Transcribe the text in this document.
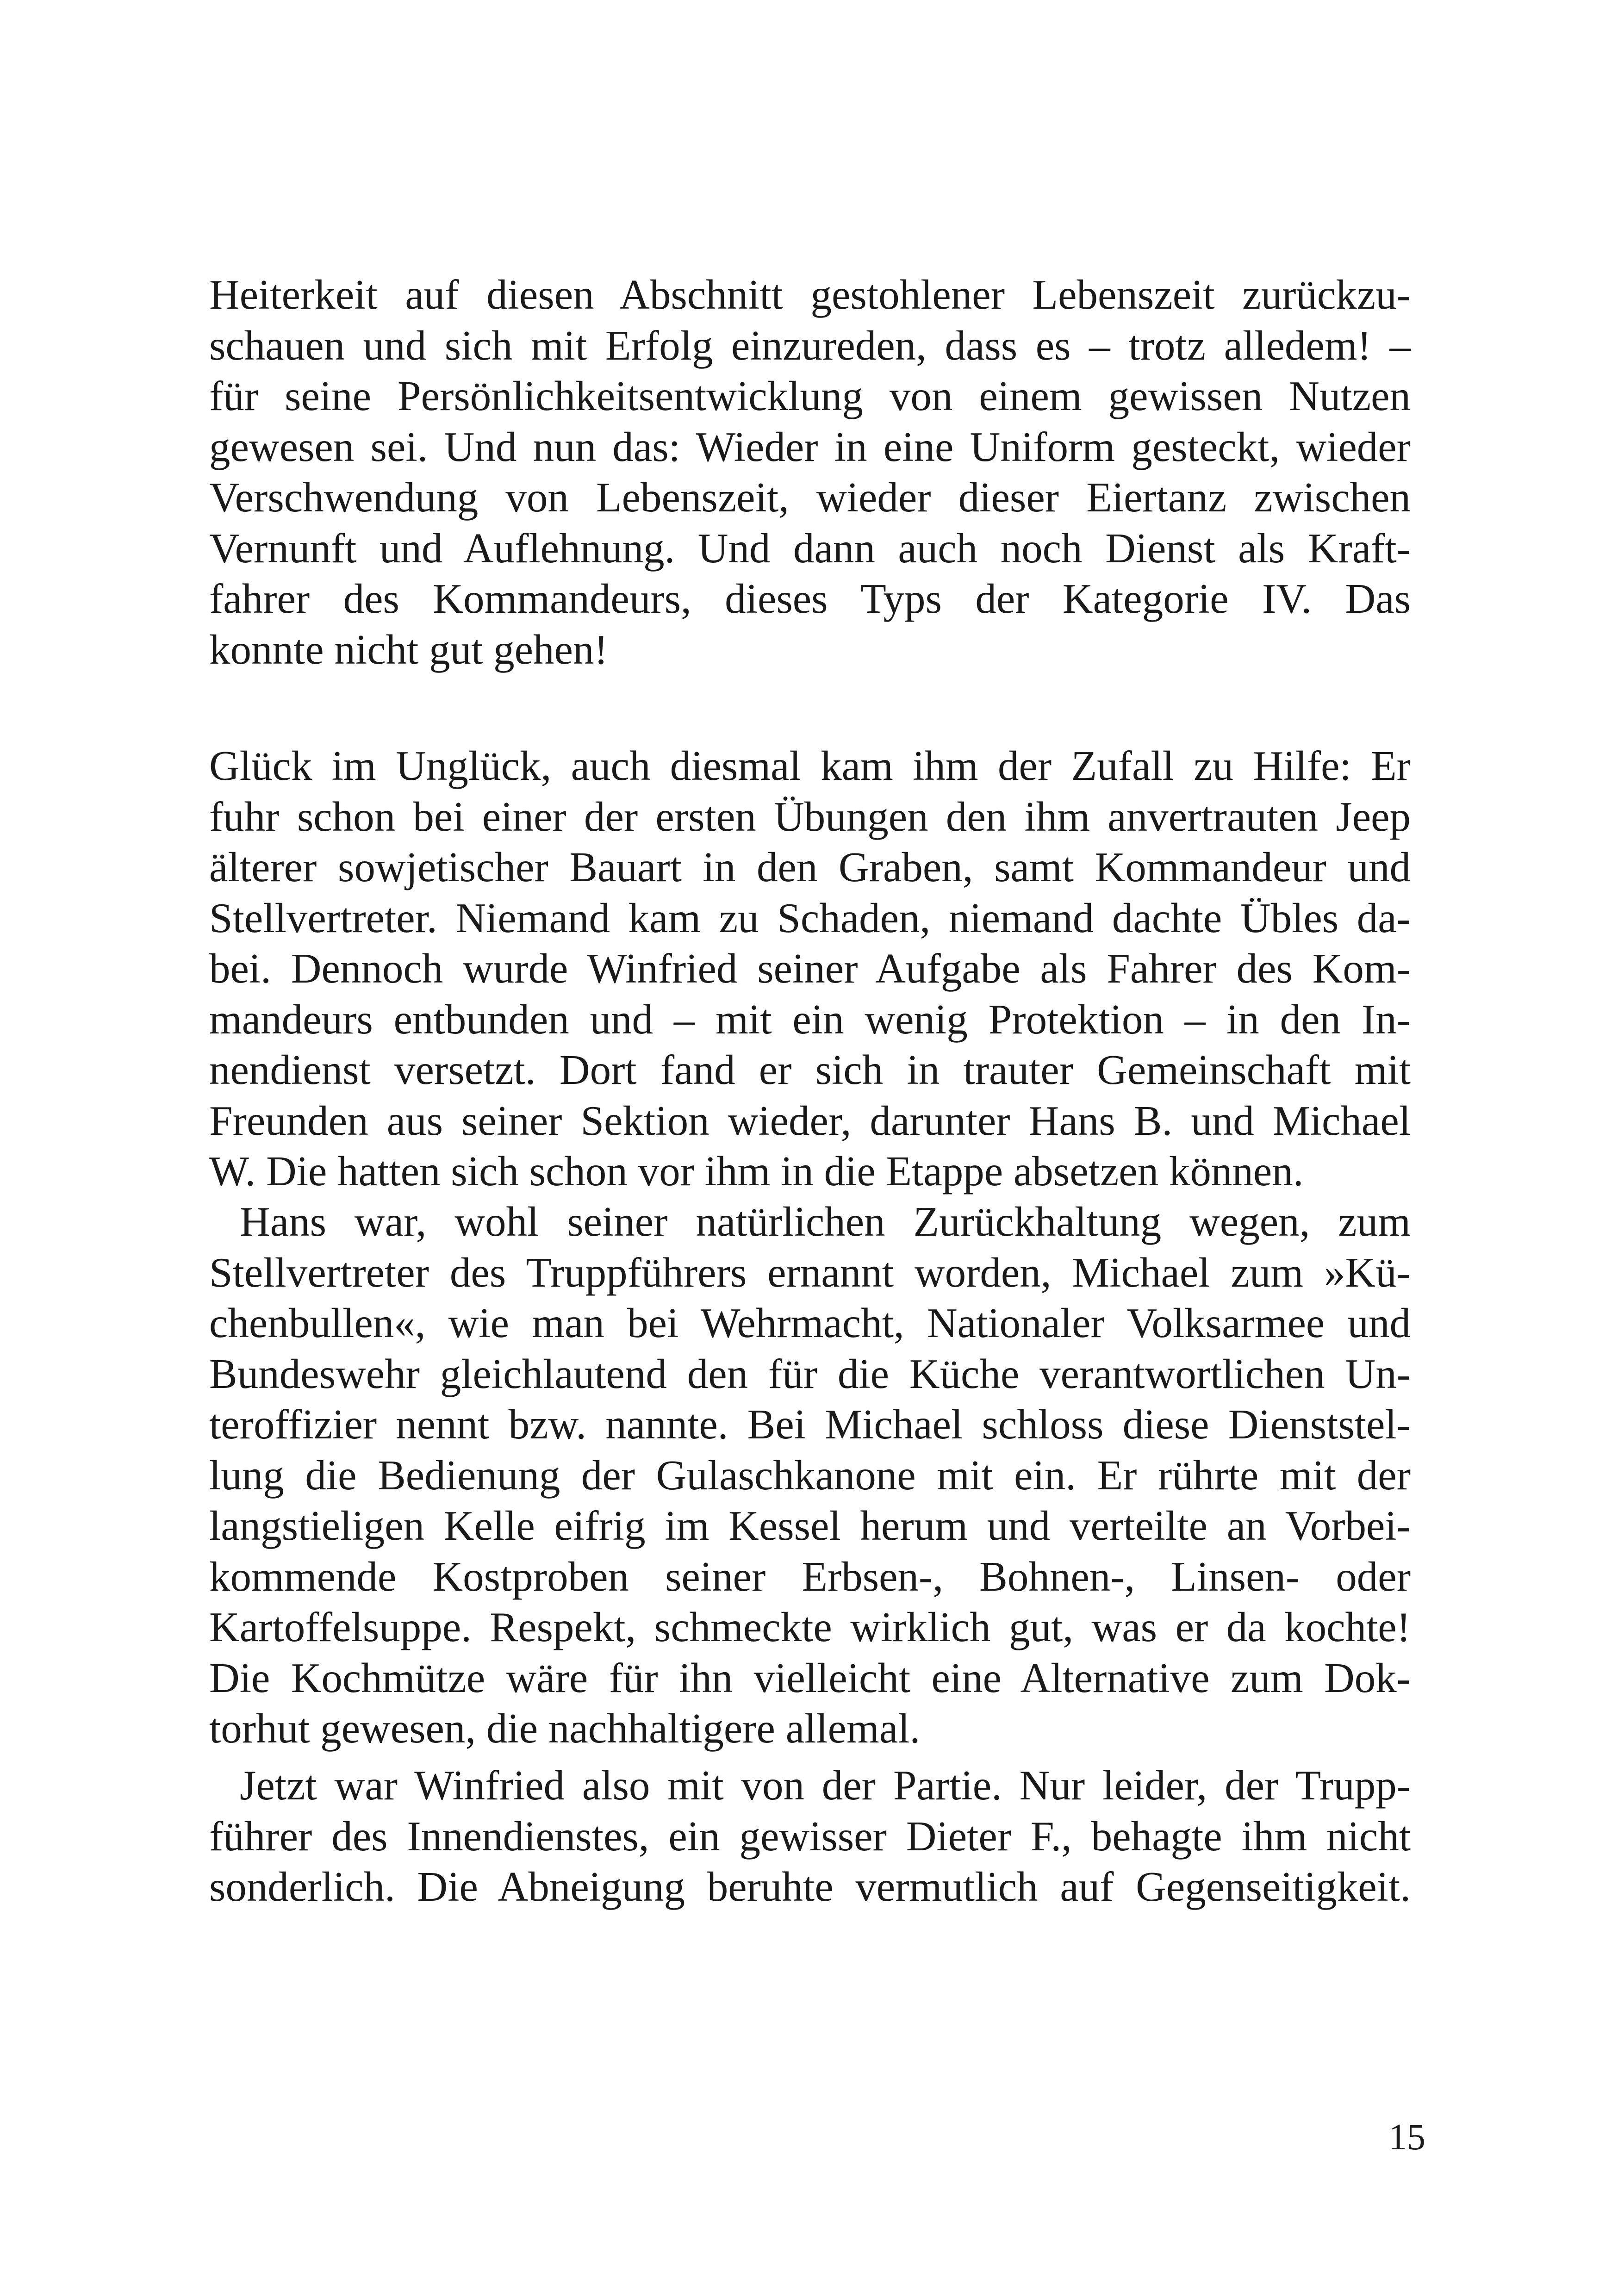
Heiterkeit auf diesen Abschnitt gestohlener Lebenszeit zurückzu-
schauen und sich mit Erfolg einzureden, dass es – trotz alledem! –
für seine Persönlichkeitsentwicklung von einem gewissen Nutzen
gewesen sei. Und nun das: Wieder in eine Uniform gesteckt, wieder
Verschwendung von Lebenszeit, wieder dieser Eiertanz zwischen
Vernunft und Auflehnung. Und dann auch noch Dienst als Kraft-
fahrer des Kommandeurs, dieses Typs der Kategorie IV. Das
konnte nicht gut gehen!
Glück im Unglück, auch diesmal kam ihm der Zufall zu Hilfe: Er
fuhr schon bei einer der ersten Übungen den ihm anvertrauten Jeep
älterer sowjetischer Bauart in den Graben, samt Kommandeur und
Stellvertreter. Niemand kam zu Schaden, niemand dachte Übles da-
bei. Dennoch wurde Winfried seiner Aufgabe als Fahrer des Kom-
mandeurs entbunden und – mit ein wenig Protektion – in den In-
nendienst versetzt. Dort fand er sich in trauter Gemeinschaft mit
Freunden aus seiner Sektion wieder, darunter Hans B. und Michael
W. Die hatten sich schon vor ihm in die Etappe absetzen können.
Hans war, wohl seiner natürlichen Zurückhaltung wegen, zum
Stellvertreter des Truppführers ernannt worden, Michael zum »Kü-
chenbullen«, wie man bei Wehrmacht, Nationaler Volksarmee und
Bundeswehr gleichlautend den für die Küche verantwortlichen Un-
teroffizier nennt bzw. nannte. Bei Michael schloss diese Dienststel-
lung die Bedienung der Gulaschkanone mit ein. Er rührte mit der
langstieligen Kelle eifrig im Kessel herum und verteilte an Vorbei-
kommende Kostproben seiner Erbsen-, Bohnen-, Linsen- oder
Kartoffelsuppe. Respekt, schmeckte wirklich gut, was er da kochte!
Die Kochmütze wäre für ihn vielleicht eine Alternative zum Dok-
torhut gewesen, die nachhaltigere allemal.
Jetzt war Winfried also mit von der Partie. Nur leider, der Trupp-
führer des Innendienstes, ein gewisser Dieter F., behagte ihm nicht
sonderlich. Die Abneigung beruhte vermutlich auf Gegenseitigkeit.
15
